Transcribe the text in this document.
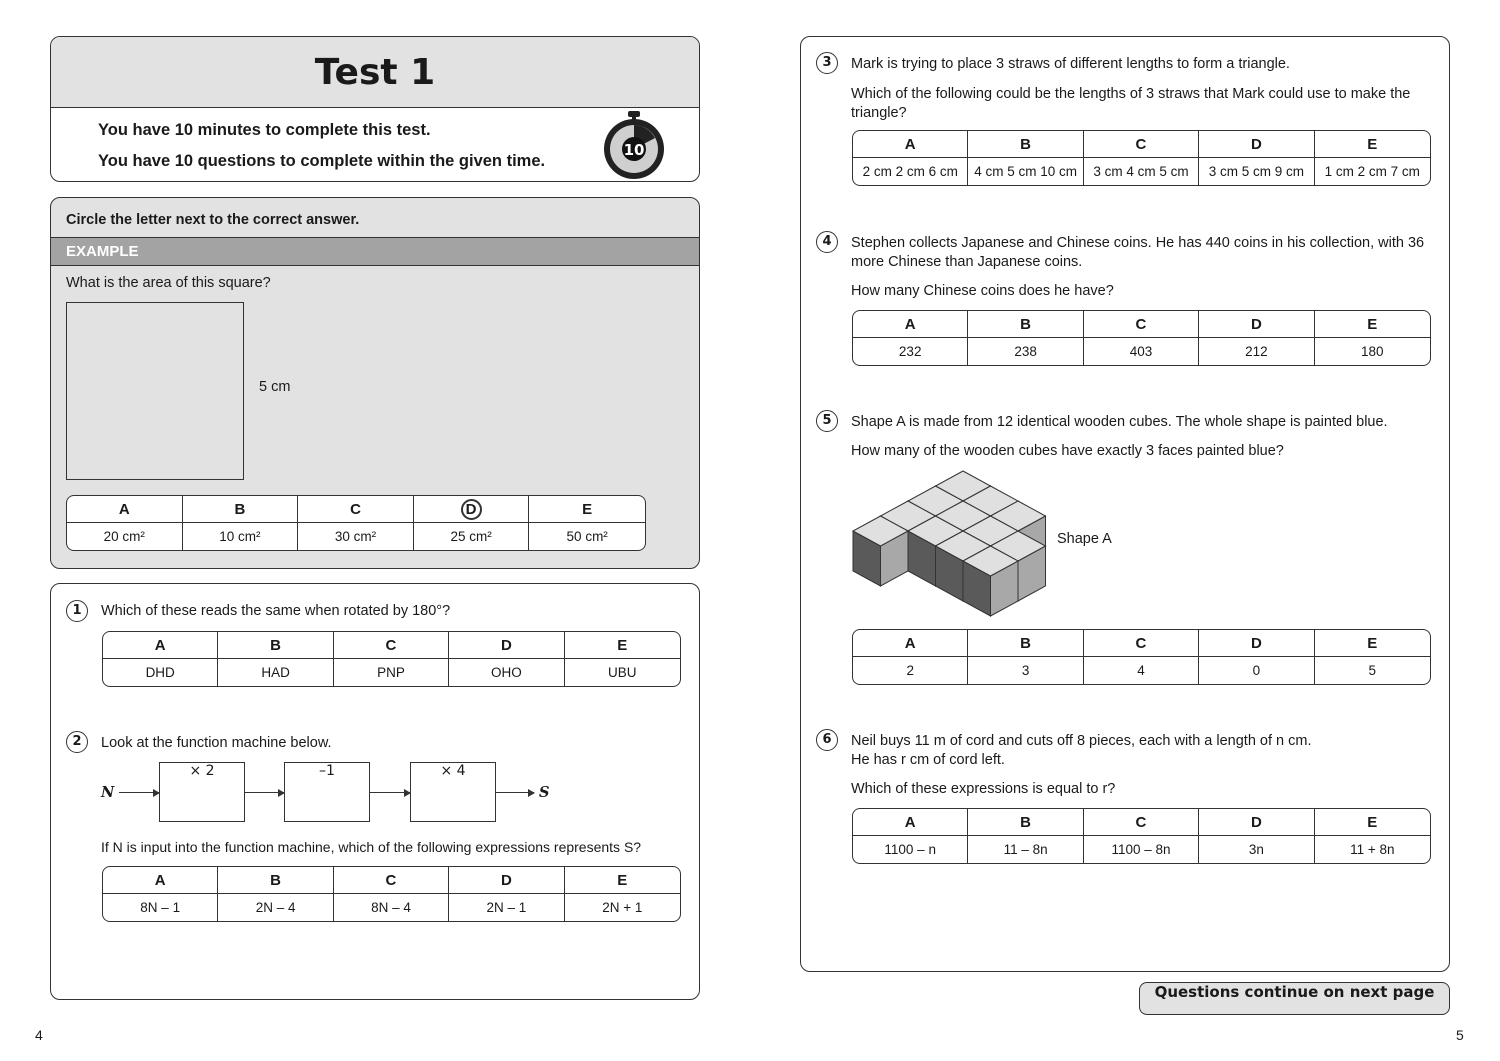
Test 1
You have 10 minutes to complete this test.
You have 10 questions to complete within the given time.
10
Circle the letter next to the correct answer.
EXAMPLE
What is the area of this square?
5 cm
A	B	C	D	E
20 cm²	10 cm²	30 cm²	25 cm²	50 cm²
1	Which of these reads the same when rotated by 180°?
A	B	C	D	E
DHD	HAD	PNP	OHO	UBU
2	Look at the function machine below.
N
× 2	–1	× 4
S
If N is input into the function machine, which of the following expressions represents S?
A	B	C	D	E
8N – 1	2N – 4	8N – 4	2N – 1	2N + 1
4
3	Mark is trying to place 3 straws of different lengths to form a triangle.
Which of the following could be the lengths of 3 straws that Mark could use to make the triangle?
A	B	C	D	E
2 cm 2 cm 6 cm	4 cm 5 cm 10 cm	3 cm 4 cm 5 cm	3 cm 5 cm 9 cm	1 cm 2 cm 7 cm
4	Stephen collects Japanese and Chinese coins. He has 440 coins in his collection, with 36 more Chinese than Japanese coins.
How many Chinese coins does he have?
A	B	C	D	E
232	238	403	212	180
5	Shape A is made from 12 identical wooden cubes. The whole shape is painted blue.
How many of the wooden cubes have exactly 3 faces painted blue?
Shape A
A	B	C	D	E
2	3	4	0	5
6	Neil buys 11 m of cord and cuts off 8 pieces, each with a length of n cm.
He has r cm of cord left.
Which of these expressions is equal to r?
A	B	C	D	E
1100 – n	11 – 8n	1100 – 8n	3n	11 + 8n
Questions continue on next page
5
